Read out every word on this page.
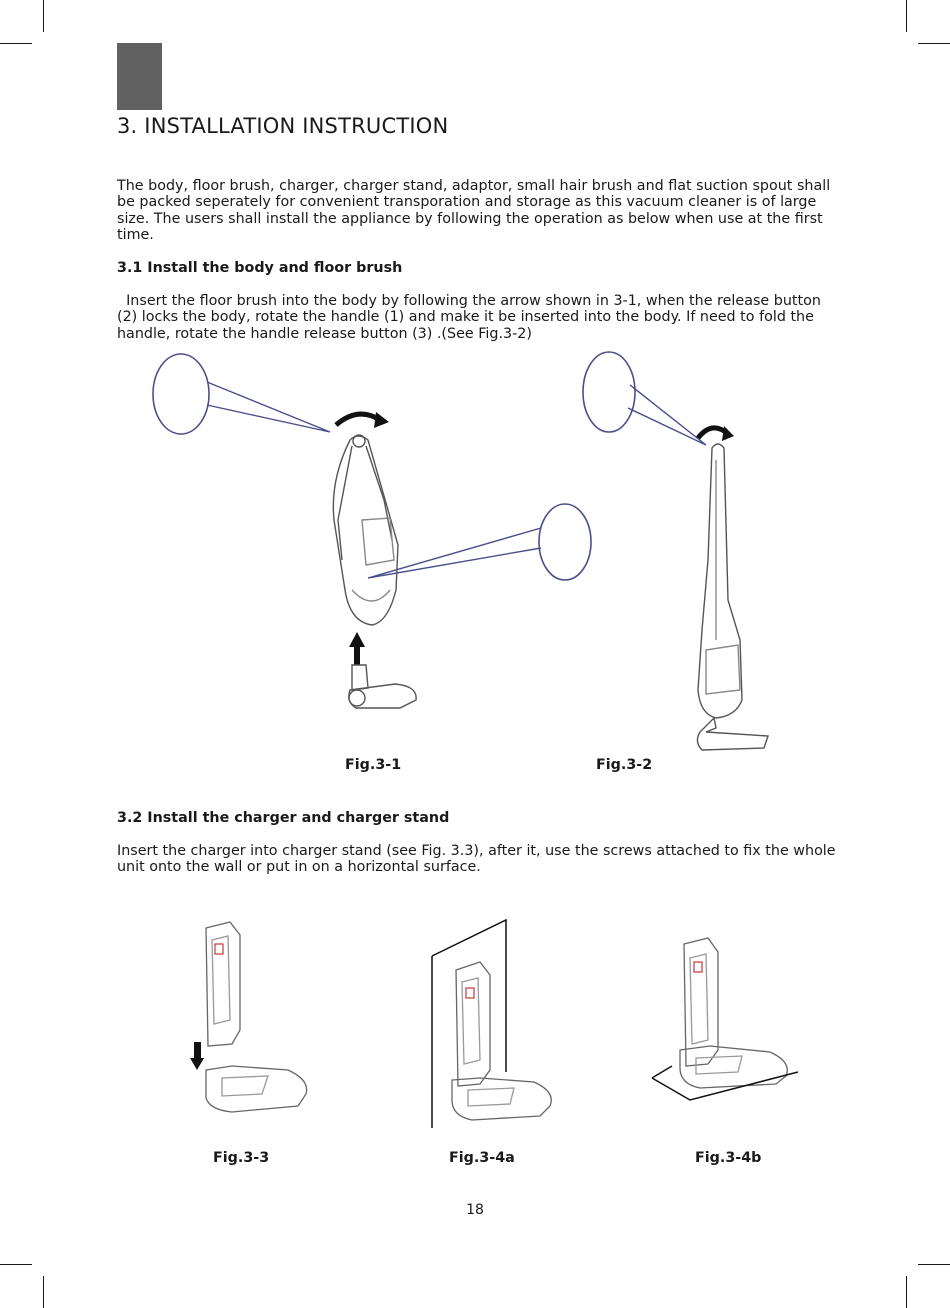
3. INSTALLATION INSTRUCTION
The body, floor brush, charger, charger stand, adaptor, small hair brush and flat suction spout shall be packed seperately for convenient transporation and storage as this vacuum cleaner is of large size. The users shall install the appliance by following the operation as below when use at the first time.
3.1 Install the body and floor brush
Insert the floor brush into the body by following the arrow shown in 3-1, when the release button (2) locks the body, rotate the handle (1) and make it be inserted into the body. If need to fold the handle, rotate the handle release button (3) .(See Fig.3-2)
Fig.3-1	Fig.3-2
3.2 Install the charger and charger stand
Insert the charger into charger stand (see Fig. 3.3), after it, use the screws attached to fix the whole unit onto the wall or put in on a horizontal surface.
Fig.3-3	Fig.3-4a	Fig.3-4b
18
